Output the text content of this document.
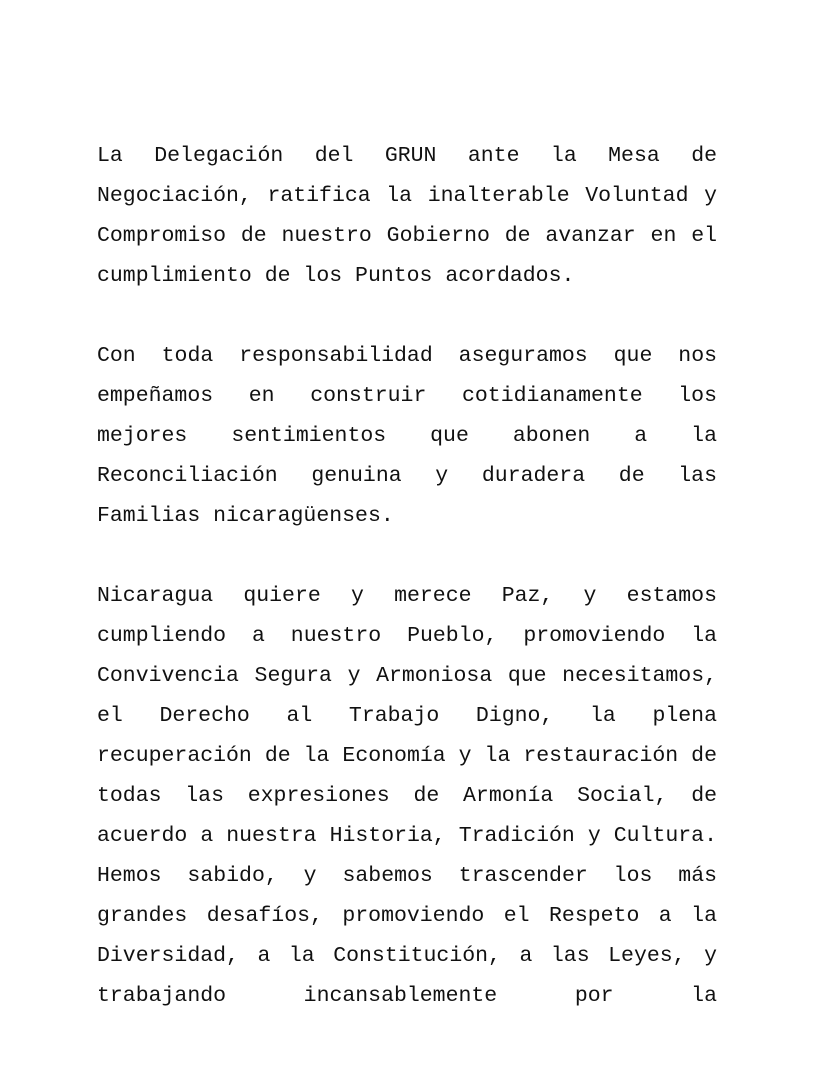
La Delegación del GRUN ante la Mesa de Negociación, ratifica la inalterable Voluntad y Compromiso de nuestro Gobierno de avanzar en el cumplimiento de los Puntos acordados.

Con toda responsabilidad aseguramos que nos empeñamos en construir cotidianamente los mejores sentimientos que abonen a la Reconciliación genuina y duradera de las Familias nicaragüenses.

Nicaragua quiere y merece Paz, y estamos cumpliendo a nuestro Pueblo, promoviendo la Convivencia Segura y Armoniosa que necesitamos, el Derecho al Trabajo Digno, la plena recuperación de la Economía y la restauración de todas las expresiones de Armonía Social, de acuerdo a nuestra Historia, Tradición y Cultura. Hemos sabido, y sabemos trascender los más grandes desafíos, promoviendo el Respeto a la Diversidad, a la Constitución, a las Leyes, y trabajando incansablemente por la
